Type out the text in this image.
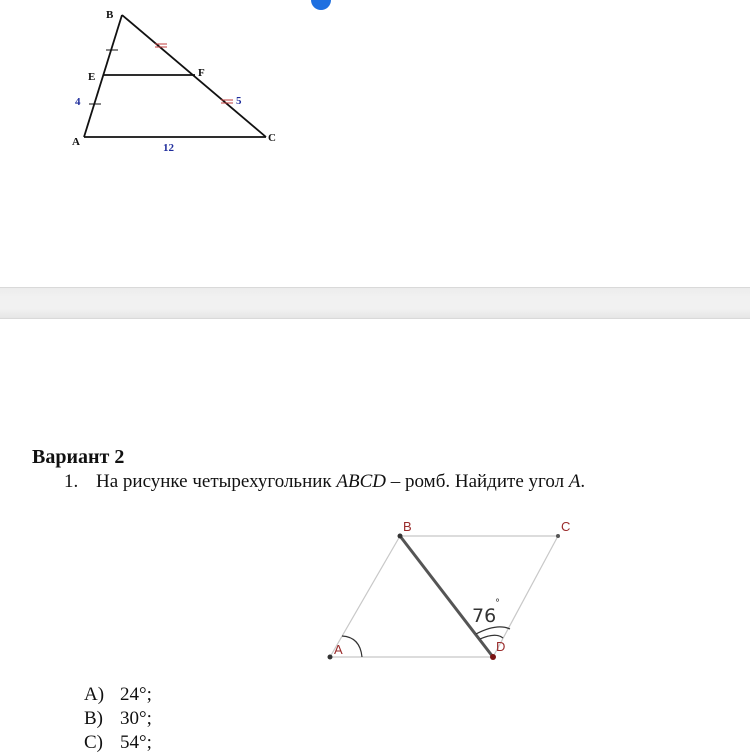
B
E	F
A	C
4	5
12
Вариант 2
1. На рисунке четырехугольник ABCD – ромб. Найдите угол A.
A
B	C
D
76
°
A) 24°;
B) 30°;
C) 54°;
